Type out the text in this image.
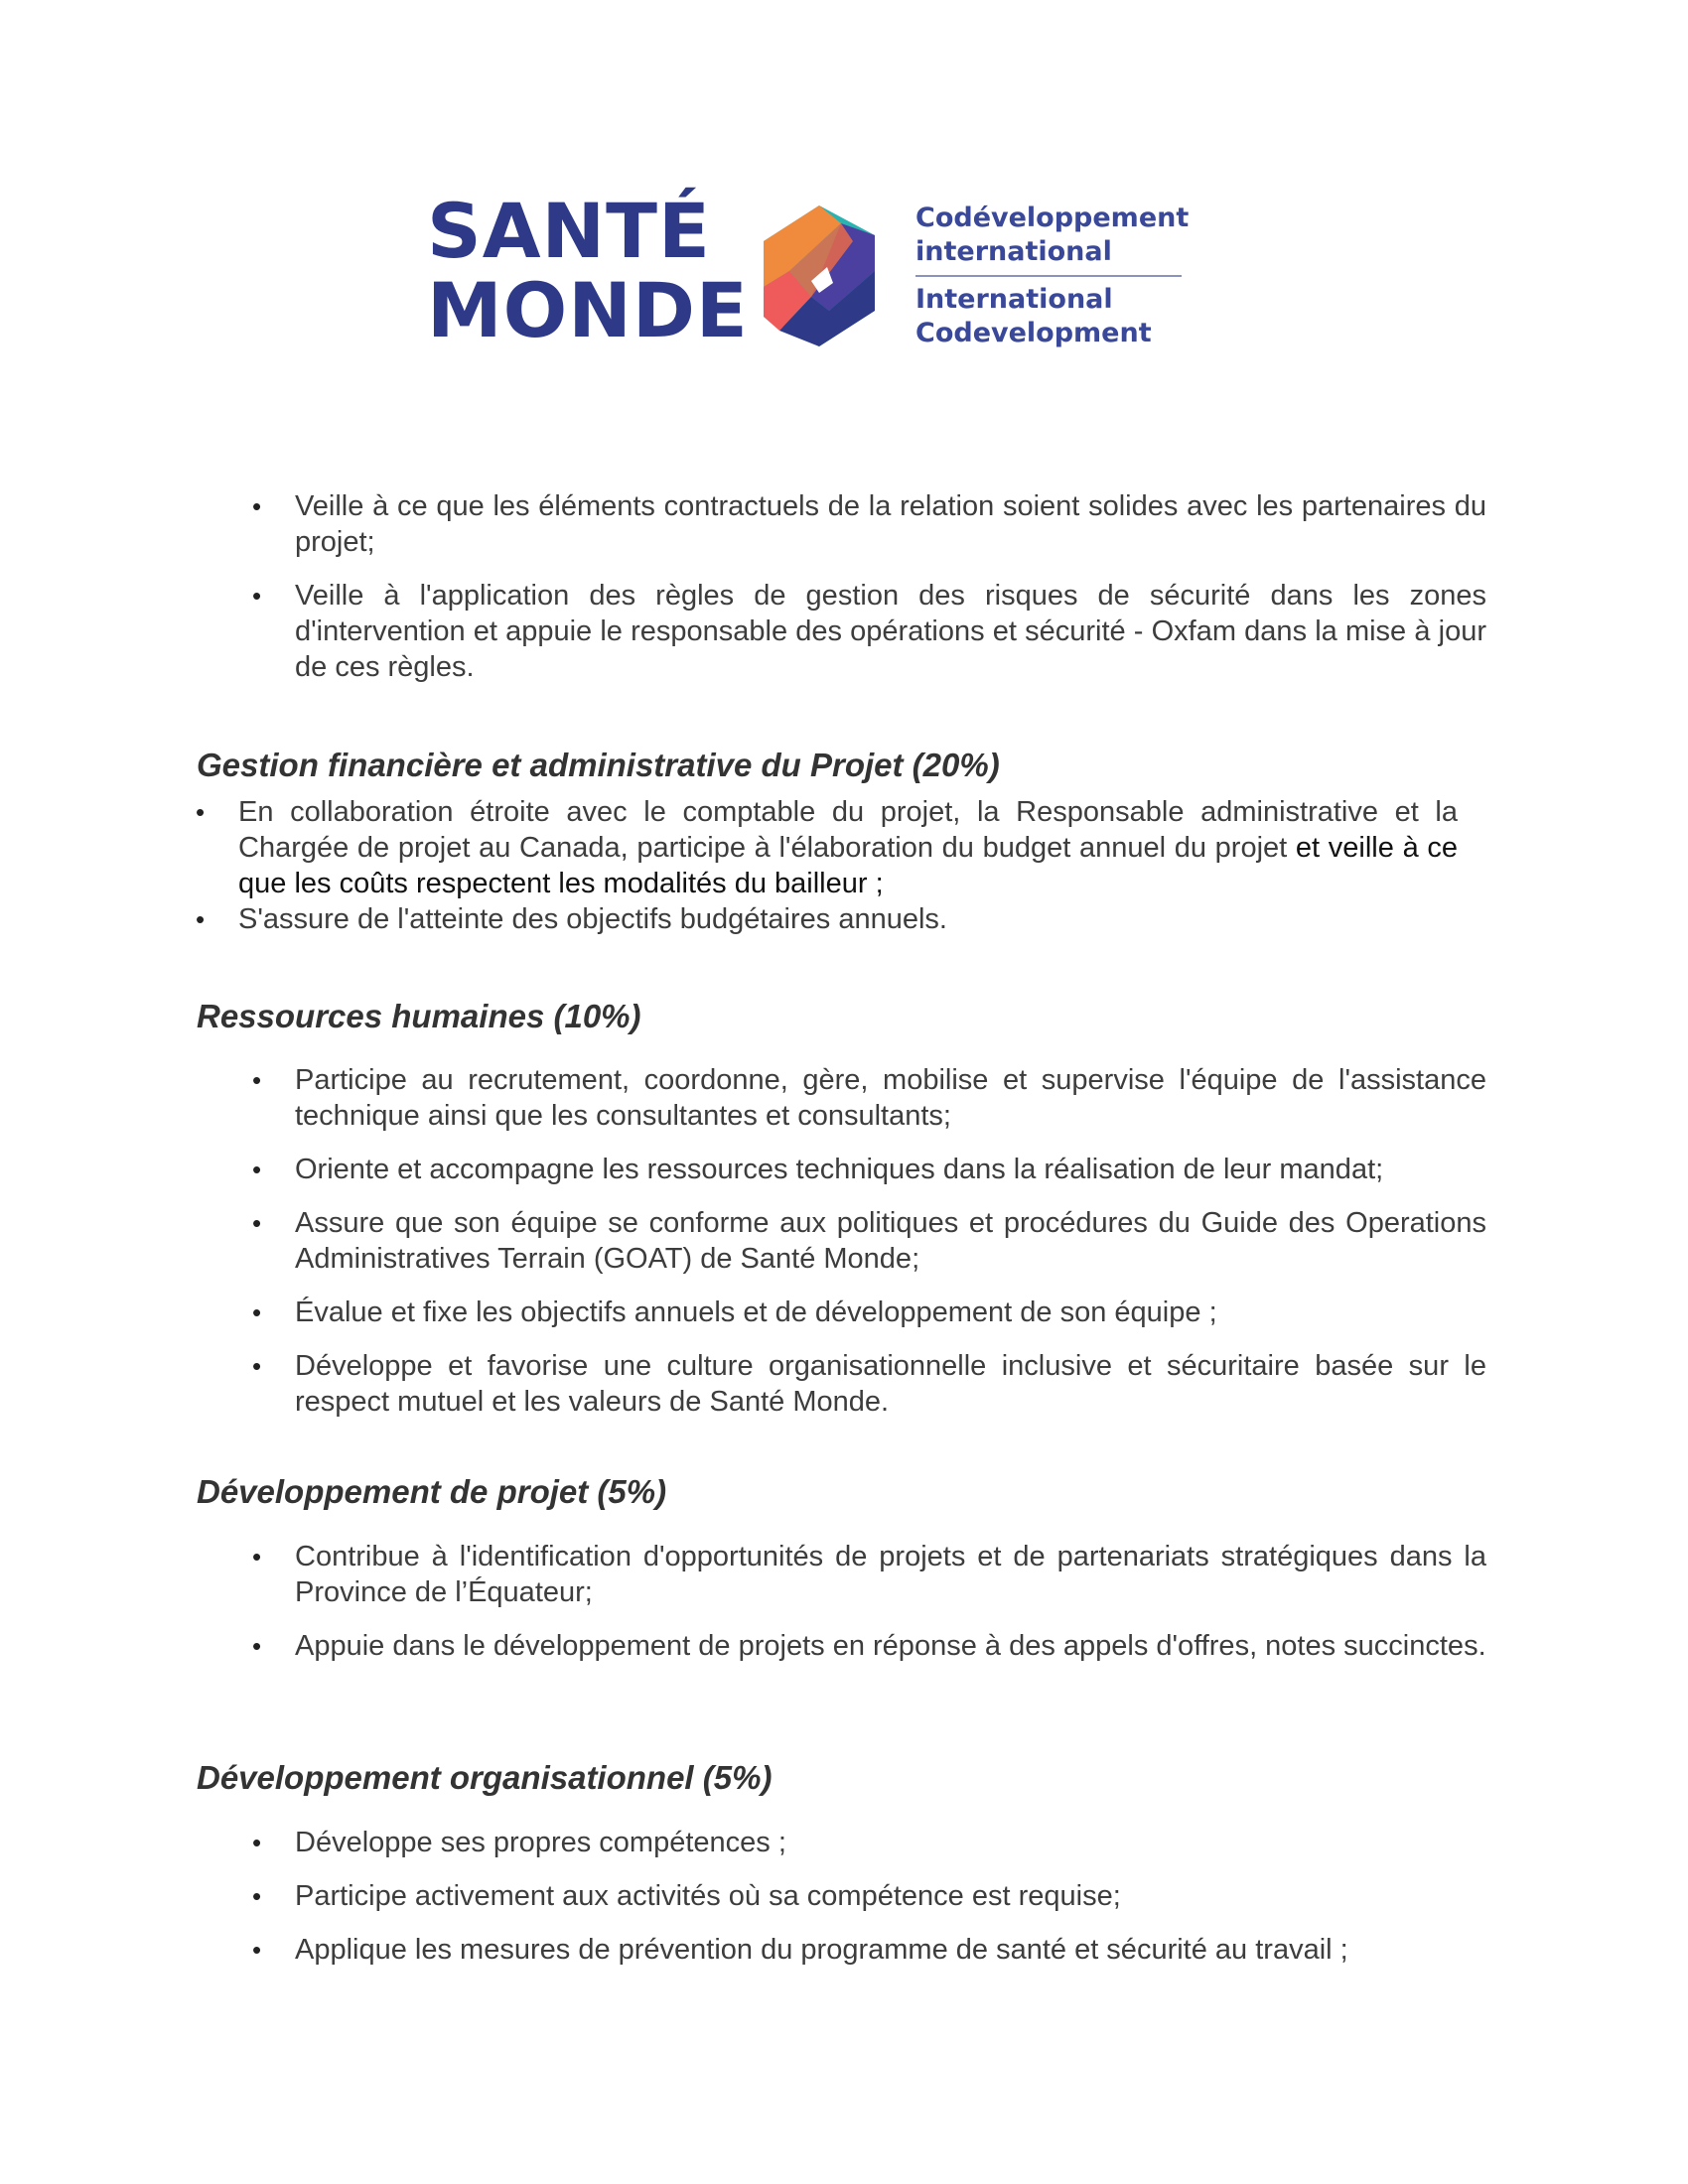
SANTÉ
MONDE
Codéveloppement
international
International
Codevelopment
• Veille à ce que les éléments contractuels de la relation soient solides avec les partenaires du projet;
• Veille à l'application des règles de gestion des risques de sécurité dans les zones d'intervention et appuie le responsable des opérations et sécurité - Oxfam dans la mise à jour de ces règles.
Gestion financière et administrative du Projet (20%)
• En collaboration étroite avec le comptable du projet, la Responsable administrative et la Chargée de projet au Canada, participe à l'élaboration du budget annuel du projet et veille à ce que les coûts respectent les modalités du bailleur ;
• S'assure de l'atteinte des objectifs budgétaires annuels.
Ressources humaines (10%)
• Participe au recrutement, coordonne, gère, mobilise et supervise l'équipe de l'assistance technique ainsi que les consultantes et consultants;
• Oriente et accompagne les ressources techniques dans la réalisation de leur mandat;
• Assure que son équipe se conforme aux politiques et procédures du Guide des Operations Administratives Terrain (GOAT) de Santé Monde;
• Évalue et fixe les objectifs annuels et de développement de son équipe ;
• Développe et favorise une culture organisationnelle inclusive et sécuritaire basée sur le respect mutuel et les valeurs de Santé Monde.
Développement de projet (5%)
• Contribue à l'identification d'opportunités de projets et de partenariats stratégiques dans la Province de l’Équateur;
• Appuie dans le développement de projets en réponse à des appels d'offres, notes succinctes.
Développement organisationnel (5%)
• Développe ses propres compétences ;
• Participe activement aux activités où sa compétence est requise;
• Applique les mesures de prévention du programme de santé et sécurité au travail ;
